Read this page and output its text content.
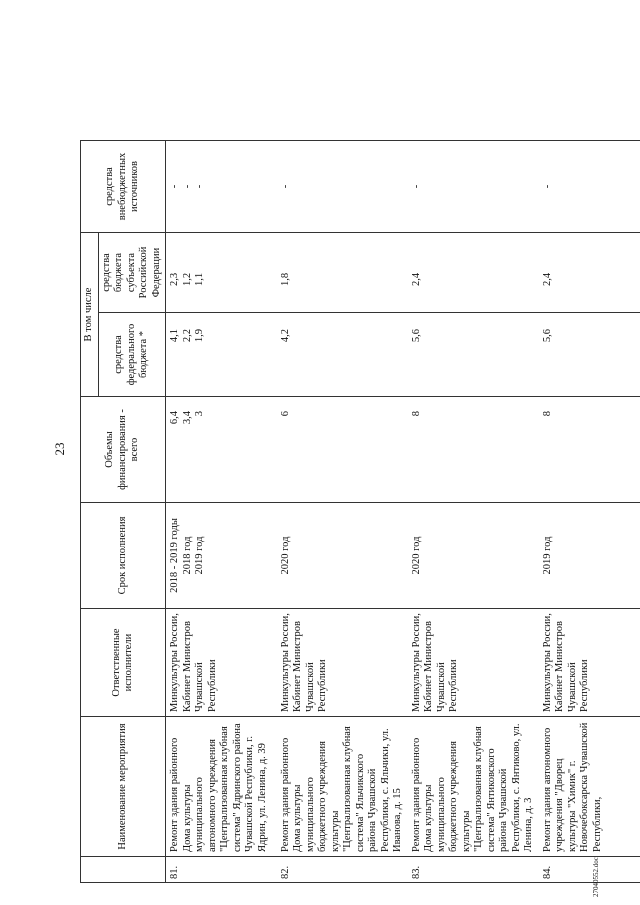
23
	Наименование мероприятия	Ответственные исполнители	Срок исполнения	Объемы финансирования - всего	В том числе		средства внебюджетных источников
					средства федерального бюджета *	средства бюджета субъекта Российской Федерации	
81.	Ремонт здания районного Дома культуры муниципального автономного учреждения "Централизованная клубная система" Ядринского района Чувашской Республики, г. Ядрин, ул. Ленина, д. 39	Минкультуры России, Кабинет Министров Чувашской Республики	2018 - 2019 годы 2018 год 2019 год	6,4 3,4 3	4,1 2,2 1,9	2,3 1,2 1,1	- - -

82.	Ремонт здания районного Дома культуры муниципального бюджетного учреждения культуры "Централизованная клубная система" Яльчикского района Чувашской Республики, с. Яльчики, ул. Иванова, д. 15	Минкультуры России, Кабинет Министров Чувашской Республики	2020 год	6	4,2	1,8	-

83.	Ремонт здания районного Дома культуры муниципального бюджетного учреждения культуры "Централизованная клубная система" Янтиковского района Чувашской Республики, с. Янтиково, ул. Ленина, д. 3	Минкультуры России, Кабинет Министров Чувашской Республики	2020 год	8	5,6	2,4	-

84.	Ремонт здания автономного учреждения "Дворец культуры "Химик" г. Новочебоксарска Чувашской Республики,	Минкультуры России, Кабинет Министров Чувашской Республики	2019 год	8	5,6	2,4	-
27040552.doc
